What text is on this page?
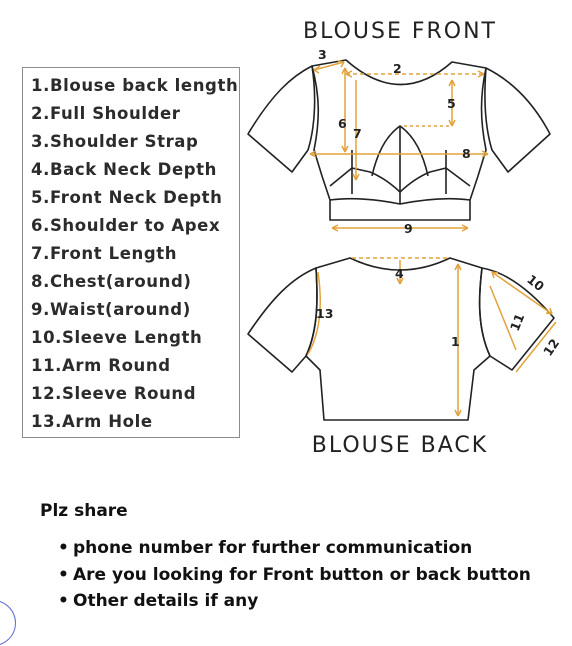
1.Blouse back length
2.Full Shoulder
3.Shoulder Strap
4.Back Neck Depth
5.Front Neck Depth
6.Shoulder to Apex
7.Front Length
8.Chest(around)
9.Waist(around)
10.Sleeve Length
11.Arm Round
12.Sleeve Round
13.Arm Hole
BLOUSE FRONT
3
2
5
6
7
8
9
4
13
1
10
11
12
BLOUSE BACK
Plz share
• phone number for further communication
• Are you looking for Front button or back button
• Other details if any
